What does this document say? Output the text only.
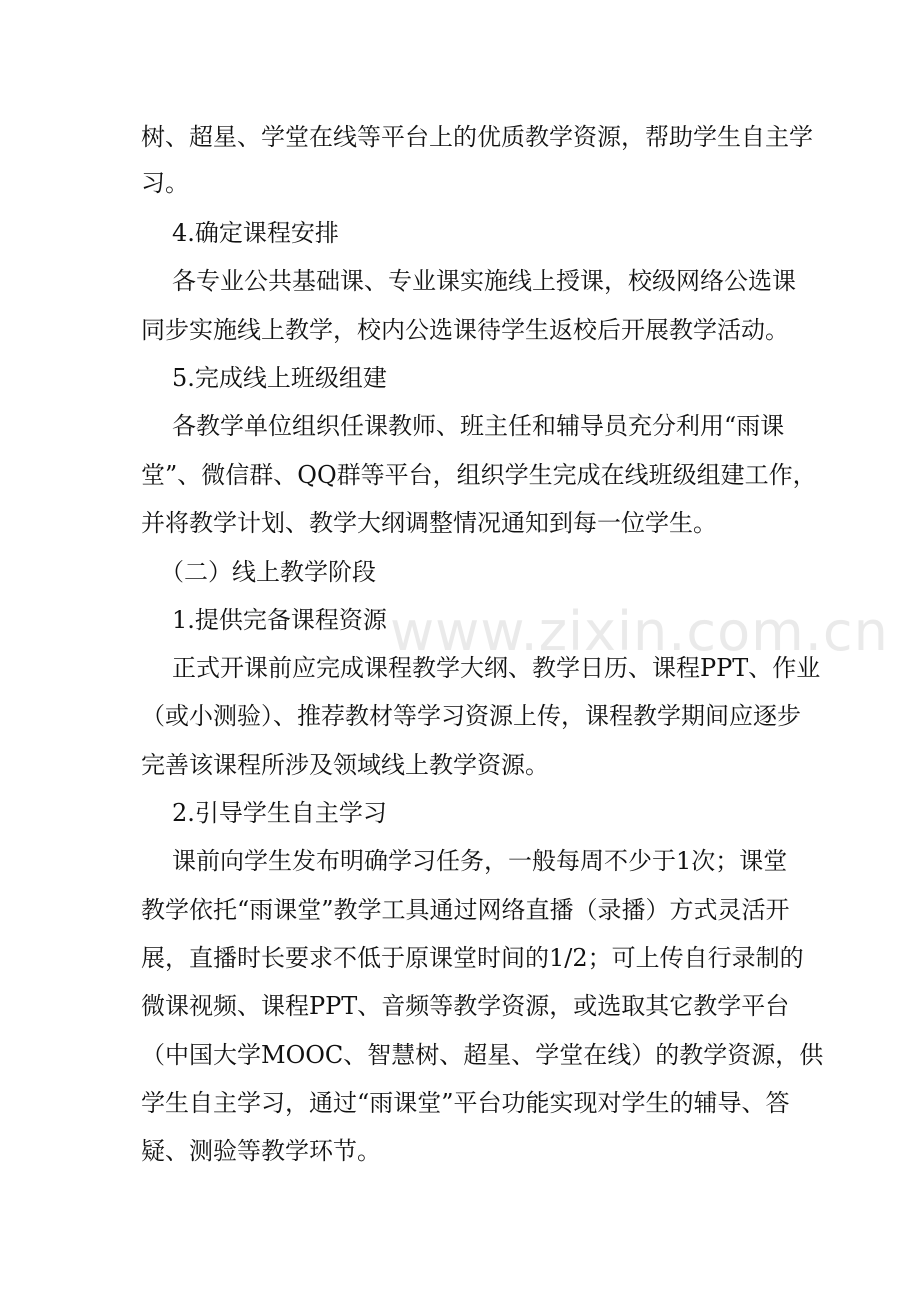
树、超星、学堂在线等平台上的优质教学资源，帮助学生自主学
习。
4.确定课程安排
各专业公共基础课、专业课实施线上授课，校级网络公选课
同步实施线上教学，校内公选课待学生返校后开展教学活动。
5.完成线上班级组建
各教学单位组织任课教师、班主任和辅导员充分利用“雨课
堂”、微信群、QQ群等平台，组织学生完成在线班级组建工作，
并将教学计划、教学大纲调整情况通知到每一位学生。
（二）线上教学阶段
1.提供完备课程资源
正式开课前应完成课程教学大纲、教学日历、课程PPT、作业
（或小测验）、推荐教材等学习资源上传，课程教学期间应逐步
完善该课程所涉及领域线上教学资源。
2.引导学生自主学习
课前向学生发布明确学习任务，一般每周不少于1次；课堂
教学依托“雨课堂”教学工具通过网络直播（录播）方式灵活开
展，直播时长要求不低于原课堂时间的1/2；可上传自行录制的
微课视频、课程PPT、音频等教学资源，或选取其它教学平台
（中国大学MOOC、智慧树、超星、学堂在线）的教学资源，供
学生自主学习，通过“雨课堂”平台功能实现对学生的辅导、答
疑、测验等教学环节。
www.zixin.com.cn
